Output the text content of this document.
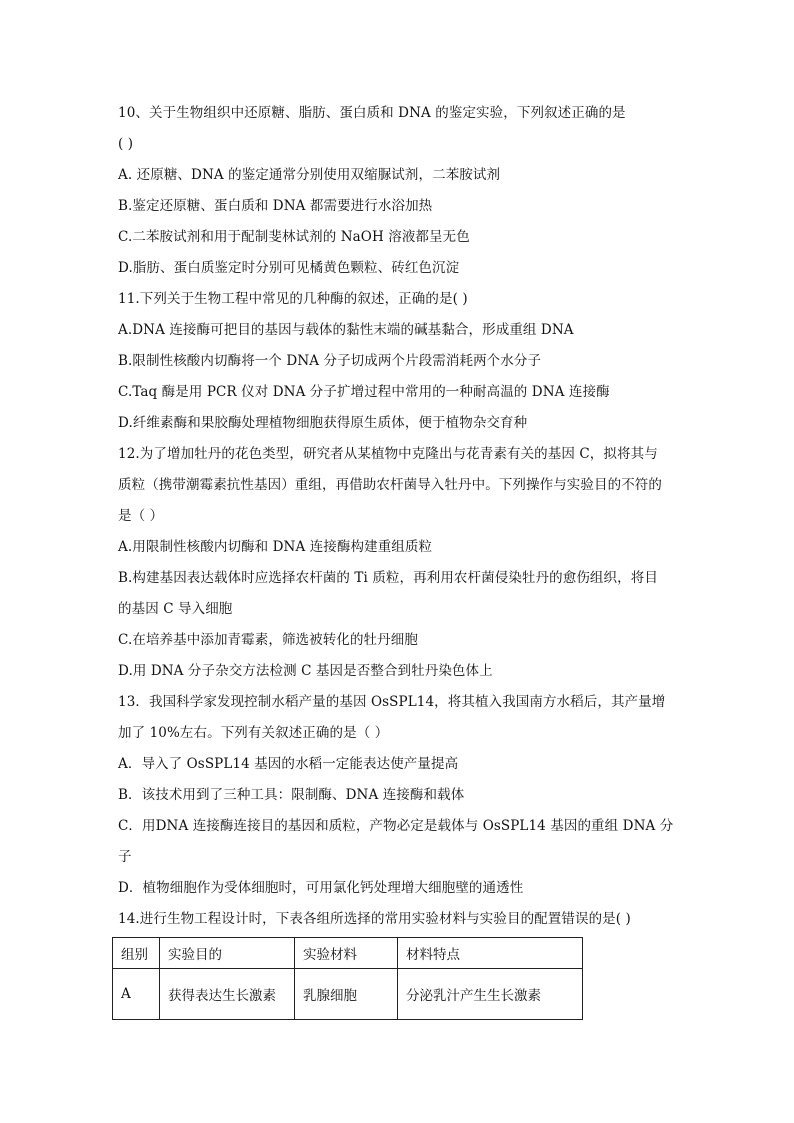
10、关于生物组织中还原糖、脂肪、蛋白质和 DNA 的鉴定实验，下列叙述正确的是
( )
A. 还原糖、DNA 的鉴定通常分别使用双缩脲试剂，二苯胺试剂
B.鉴定还原糖、蛋白质和 DNA 都需要进行水浴加热
C.二苯胺试剂和用于配制斐林试剂的 NaOH 溶液都呈无色
D.脂肪、蛋白质鉴定时分别可见橘黄色颗粒、砖红色沉淀
11.下列关于生物工程中常见的几种酶的叙述，正确的是( )
A.DNA 连接酶可把目的基因与载体的黏性末端的碱基黏合，形成重组 DNA
B.限制性核酸内切酶将一个 DNA 分子切成两个片段需消耗两个水分子
C.Taq 酶是用 PCR 仪对 DNA 分子扩增过程中常用的一种耐高温的 DNA 连接酶
D.纤维素酶和果胶酶处理植物细胞获得原生质体，便于植物杂交育种
12.为了增加牡丹的花色类型，研究者从某植物中克隆出与花青素有关的基因 C，拟将其与
质粒（携带潮霉素抗性基因）重组，再借助农杆菌导入牡丹中。下列操作与实验目的不符的
是（ ）
A.用限制性核酸内切酶和 DNA 连接酶构建重组质粒
B.构建基因表达载体时应选择农杆菌的 Ti 质粒，再利用农杆菌侵染牡丹的愈伤组织，将目
的基因 C 导入细胞
C.在培养基中添加青霉素，筛选被转化的牡丹细胞
D.用 DNA 分子杂交方法检测 C 基因是否整合到牡丹染色体上
13．我国科学家发现控制水稻产量的基因 OsSPL14，将其植入我国南方水稻后，其产量增
加了 10%左右。下列有关叙述正确的是（ ）
A．导入了 OsSPL14 基因的水稻一定能表达使产量提高
B．该技术用到了三种工具：限制酶、DNA 连接酶和载体
C．用DNA 连接酶连接目的基因和质粒，产物必定是载体与 OsSPL14 基因的重组 DNA 分
子
D．植物细胞作为受体细胞时，可用氯化钙处理增大细胞壁的通透性
14.进行生物工程设计时，下表各组所选择的常用实验材料与实验目的配置错误的是( )
组别	实验目的	实验材料	材料特点
A	获得表达生长激素	乳腺细胞	分泌乳汁产生生长激素
